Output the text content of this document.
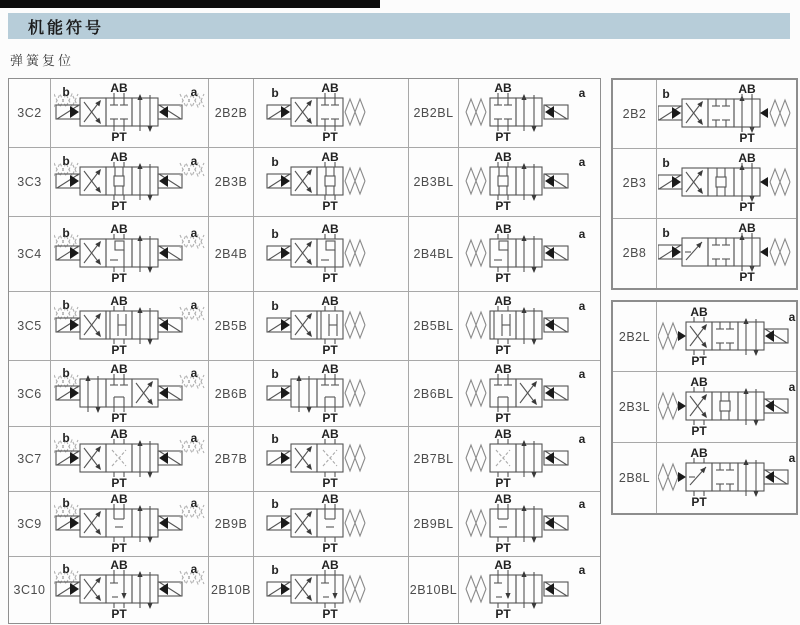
机能符号
弹簧复位
3C2
b	a
AB
PT
2B2B
b	AB
PT
2B2BL
a
AB
PT
3C3
b	a
AB
PT
2B3B
b	AB
PT
2B3BL
a
AB
PT
3C4
b	a
AB
PT
2B4B
b	AB
PT
2B4BL
a
AB
PT
3C5
b	a
AB
PT
2B5B
b	AB
PT
2B5BL
a
AB
PT
3C6
b	a
AB
PT
2B6B
b	AB
PT
2B6BL
a
AB
PT
3C7
b	a
AB
PT
2B7B
b	AB
PT
2B7BL
a
AB
PT
3C9
b	a
AB
PT
2B9B
b	AB
PT
2B9BL
a
AB
PT
3C10
b	a
AB
PT
2B10B
b	AB
PT
2B10BL
a
AB
PT
2B2
b	AB
PT
2B3
b	AB
PT
2B8
b	AB
PT
2B2L
a
AB
PT
2B3L
a
AB
PT
2B8L
a
AB
PT
